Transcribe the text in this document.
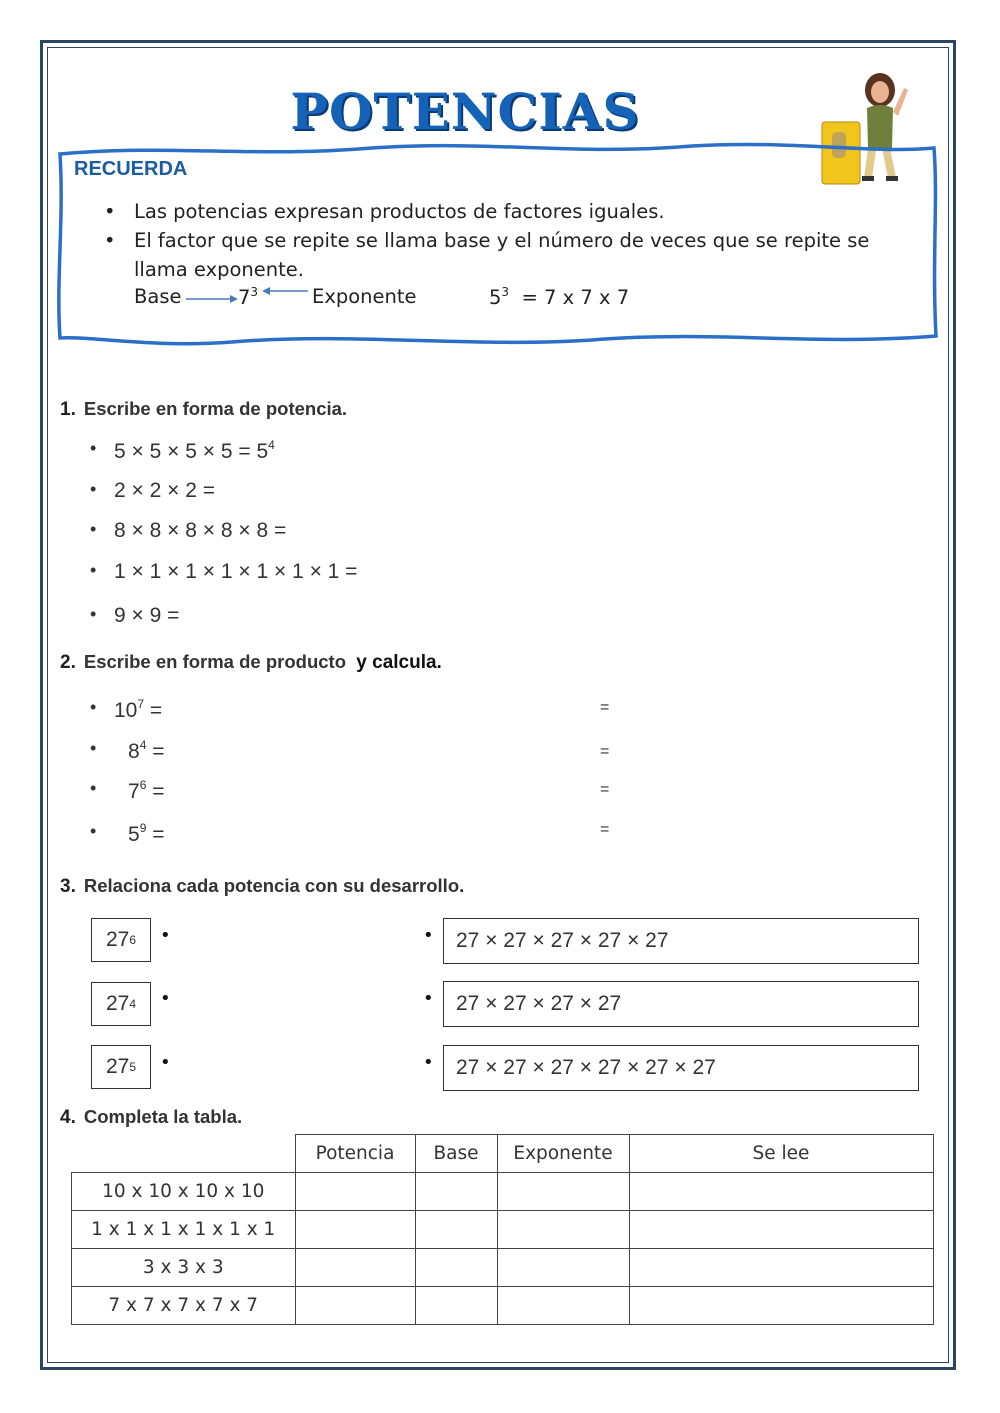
POTENCIAS
RECUERDA
• Las potencias expresan productos de factores iguales.
• El factor que se repite se llama base y el número de veces que se repite se llama exponente.
Base	$7^3$	Exponente	$5^3 = 7$ x 7 x 7
1. Escribe en forma de potencia.
• $5 \times 5 \times 5 \times 5 = 5^4$
• 2 × 2 × 2 =
• 8 × 8 × 8 × 8 × 8 =
• 1 × 1 × 1 × 1 × 1 × 1 × 1 =
• 9 × 9 =
2. Escribe en forma de producto y calcula.
• $10^7$ =	=
• $8^4$ =	=
• $7^6$ =	=
• $5^9$ =	=
3. Relaciona cada potencia con su desarrollo.
27 6 •	•	27 × 27 × 27 × 27 × 27
27 4 •	•	27 × 27 × 27 × 27
27 5 •	•	27 × 27 × 27 × 27 × 27 × 27
4. Completa la tabla.
	Potencia	Base	Exponente	Se lee
10 x 10 x 10 x 10				
1 x 1 x 1 x 1 x 1 x 1				
3 x 3 x 3				
7 x 7 x 7 x 7 x 7				
